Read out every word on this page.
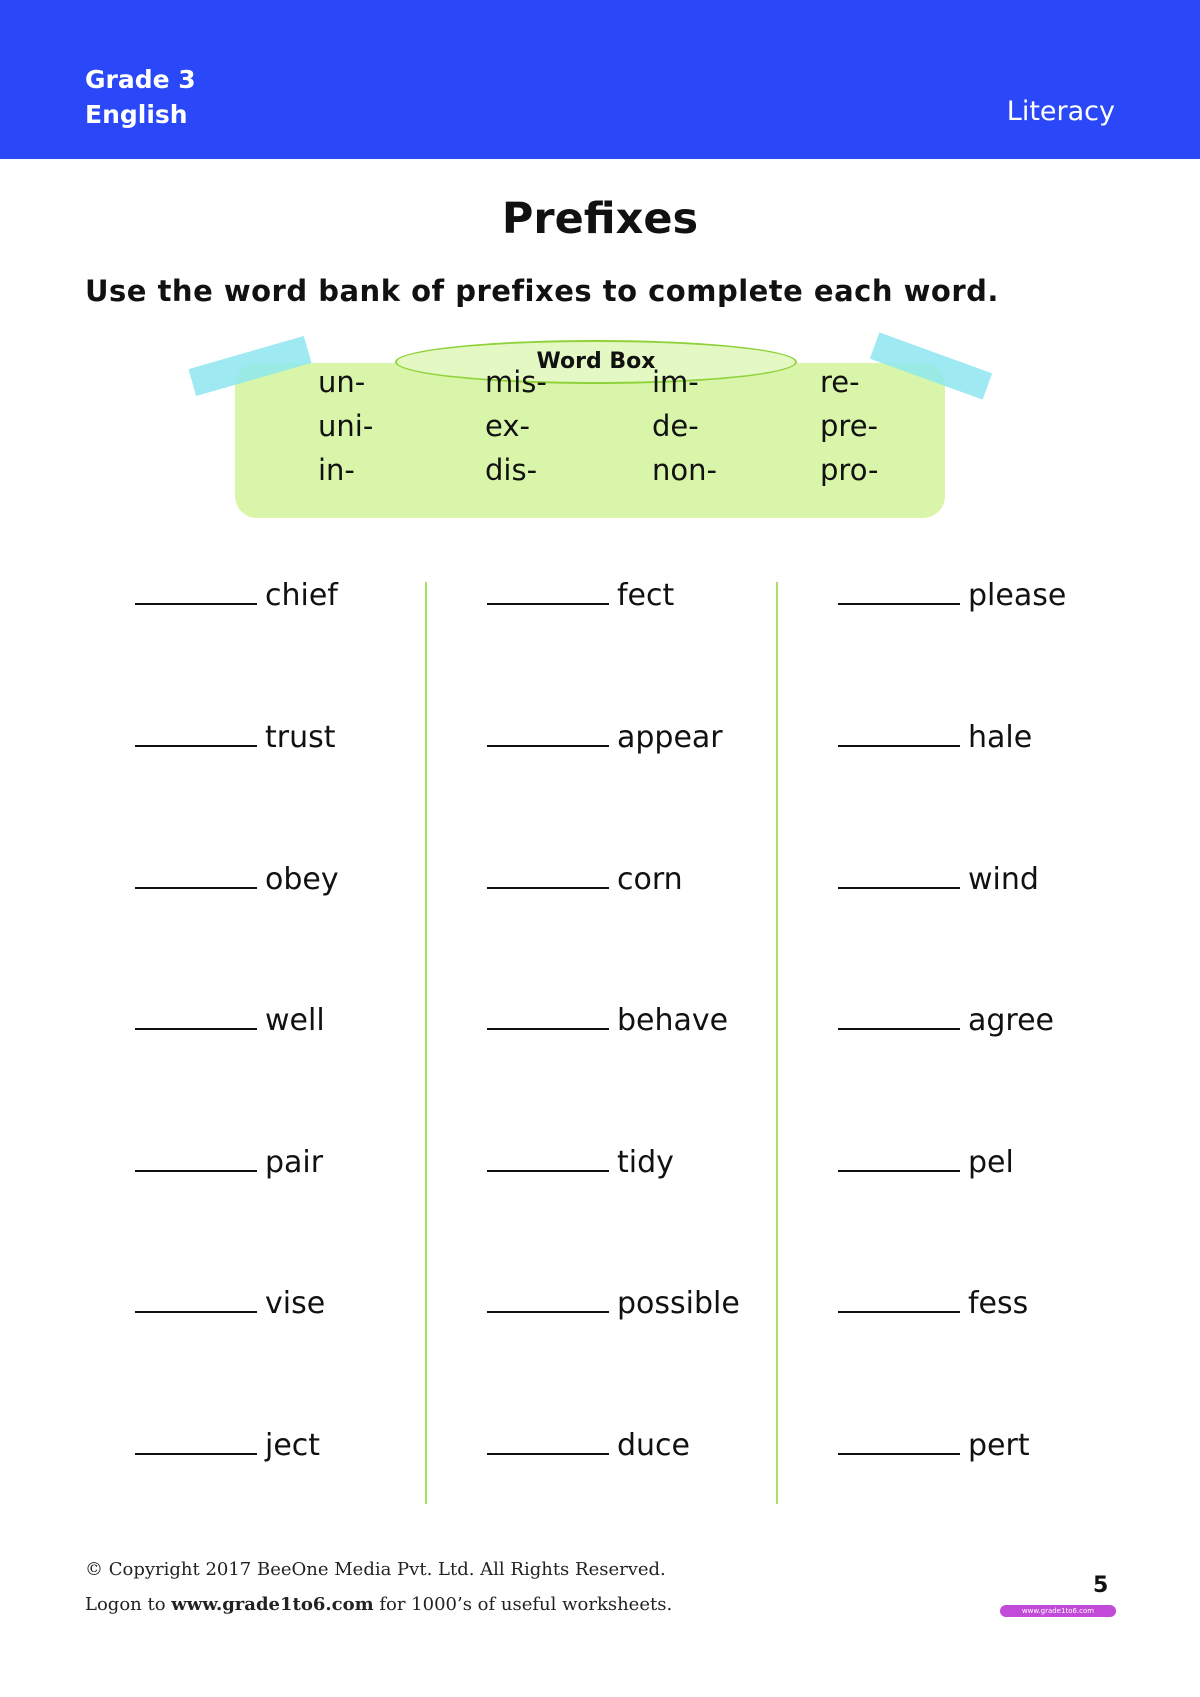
Grade 3
English	Literacy
Prefixes
Use the word bank of prefixes to complete each word.
Word Box
un-
uni-
in-
mis-
ex-
dis-
im-
de-
non-
re-
pre-
pro-
chief
trust
obey
well
pair
vise
ject
fect
appear
corn
behave
tidy
possible
duce
please
hale
wind
agree
pel
fess
pert
© Copyright 2017 BeeOne Media Pvt. Ltd. All Rights Reserved.
Logon to www.grade1to6.com for 1000’s of useful worksheets.
5
www.grade1to6.com
